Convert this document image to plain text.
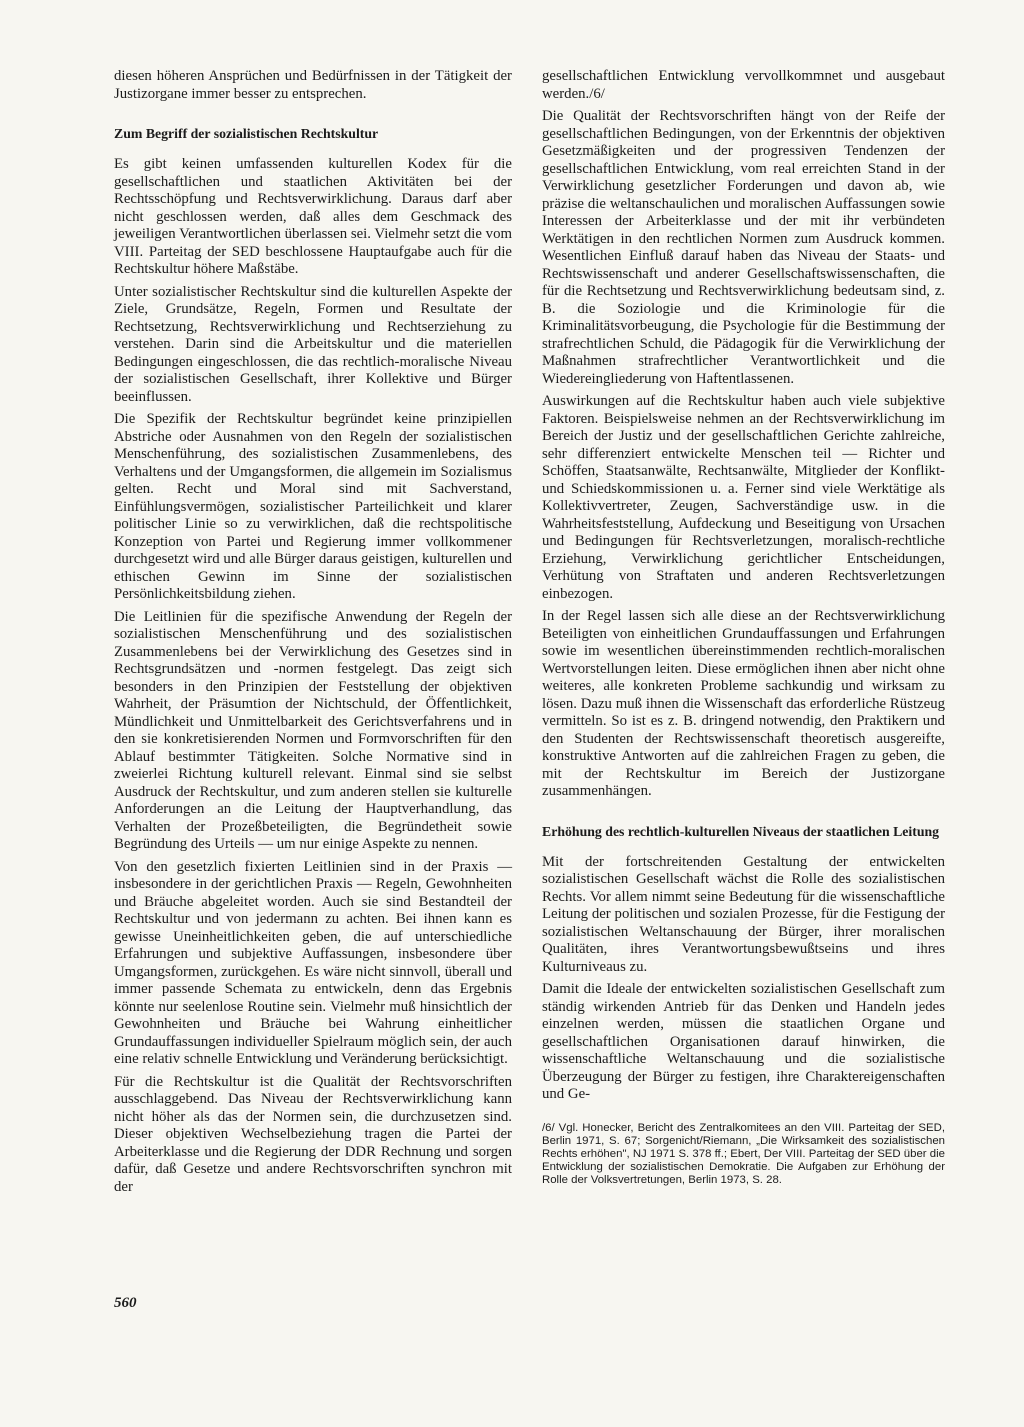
diesen höheren Ansprüchen und Bedürfnissen in der Tätigkeit der Justizorgane immer besser zu entsprechen.

Zum Begriff der sozialistischen Rechtskultur

Es gibt keinen umfassenden kulturellen Kodex für die gesellschaftlichen und staatlichen Aktivitäten bei der Rechtsschöpfung und Rechtsverwirklichung. Daraus darf aber nicht geschlossen werden, daß alles dem Geschmack des jeweiligen Verantwortlichen überlassen sei. Vielmehr setzt die vom VIII. Parteitag der SED beschlossene Hauptaufgabe auch für die Rechtskultur höhere Maßstäbe.

Unter sozialistischer Rechtskultur sind die kulturellen Aspekte der Ziele, Grundsätze, Regeln, Formen und Resultate der Rechtsetzung, Rechtsverwirklichung und Rechtserziehung zu verstehen. Darin sind die Arbeitskultur und die materiellen Bedingungen eingeschlossen, die das rechtlich-moralische Niveau der sozialistischen Gesellschaft, ihrer Kollektive und Bürger beeinflussen.

Die Spezifik der Rechtskultur begründet keine prinzipiellen Abstriche oder Ausnahmen von den Regeln der sozialistischen Menschenführung, des sozialistischen Zusammenlebens, des Verhaltens und der Umgangsformen, die allgemein im Sozialismus gelten. Recht und Moral sind mit Sachverstand, Einfühlungsvermögen, sozialistischer Parteilichkeit und klarer politischer Linie so zu verwirklichen, daß die rechtspolitische Konzeption von Partei und Regierung immer vollkommener durchgesetzt wird und alle Bürger daraus geistigen, kulturellen und ethischen Gewinn im Sinne der sozialistischen Persönlichkeitsbildung ziehen.

Die Leitlinien für die spezifische Anwendung der Regeln der sozialistischen Menschenführung und des sozialistischen Zusammenlebens bei der Verwirklichung des Gesetzes sind in Rechtsgrundsätzen und -normen festgelegt. Das zeigt sich besonders in den Prinzipien der Feststellung der objektiven Wahrheit, der Präsumtion der Nichtschuld, der Öffentlichkeit, Mündlichkeit und Unmittelbarkeit des Gerichtsverfahrens und in den sie konkretisierenden Normen und Formvorschriften für den Ablauf bestimmter Tätigkeiten. Solche Normative sind in zweierlei Richtung kulturell relevant. Einmal sind sie selbst Ausdruck der Rechtskultur, und zum anderen stellen sie kulturelle Anforderungen an die Leitung der Hauptverhandlung, das Verhalten der Prozeßbeteiligten, die Begründetheit sowie Begründung des Urteils — um nur einige Aspekte zu nennen.

Von den gesetzlich fixierten Leitlinien sind in der Praxis — insbesondere in der gerichtlichen Praxis — Regeln, Gewohnheiten und Bräuche abgeleitet worden. Auch sie sind Bestandteil der Rechtskultur und von jedermann zu achten. Bei ihnen kann es gewisse Uneinheitlichkeiten geben, die auf unterschiedliche Erfahrungen und subjektive Auffassungen, insbesondere über Umgangsformen, zurückgehen. Es wäre nicht sinnvoll, überall und immer passende Schemata zu entwickeln, denn das Ergebnis könnte nur seelenlose Routine sein. Vielmehr muß hinsichtlich der Gewohnheiten und Bräuche bei Wahrung einheitlicher Grundauffassungen individueller Spielraum möglich sein, der auch eine relativ schnelle Entwicklung und Veränderung berücksichtigt.

Für die Rechtskultur ist die Qualität der Rechtsvorschriften ausschlaggebend. Das Niveau der Rechtsverwirklichung kann nicht höher als das der Normen sein, die durchzusetzen sind. Dieser objektiven Wechselbeziehung tragen die Partei der Arbeiterklasse und die Regierung der DDR Rechnung und sorgen dafür, daß Gesetze und andere Rechtsvorschriften synchron mit der

gesellschaftlichen Entwicklung vervollkommnet und ausgebaut werden./6/

Die Qualität der Rechtsvorschriften hängt von der Reife der gesellschaftlichen Bedingungen, von der Erkenntnis der objektiven Gesetzmäßigkeiten und der progressiven Tendenzen der gesellschaftlichen Entwicklung, vom real erreichten Stand in der Verwirklichung gesetzlicher Forderungen und davon ab, wie präzise die weltanschaulichen und moralischen Auffassungen sowie Interessen der Arbeiterklasse und der mit ihr verbündeten Werktätigen in den rechtlichen Normen zum Ausdruck kommen. Wesentlichen Einfluß darauf haben das Niveau der Staats- und Rechtswissenschaft und anderer Gesellschaftswissenschaften, die für die Rechtsetzung und Rechtsverwirklichung bedeutsam sind, z. B. die Soziologie und die Kriminologie für die Kriminalitätsvorbeugung, die Psychologie für die Bestimmung der strafrechtlichen Schuld, die Pädagogik für die Verwirklichung der Maßnahmen strafrechtlicher Verantwortlichkeit und die Wiedereingliederung von Haftentlassenen.

Auswirkungen auf die Rechtskultur haben auch viele subjektive Faktoren. Beispielsweise nehmen an der Rechtsverwirklichung im Bereich der Justiz und der gesellschaftlichen Gerichte zahlreiche, sehr differenziert entwickelte Menschen teil — Richter und Schöffen, Staatsanwälte, Rechtsanwälte, Mitglieder der Konflikt- und Schiedskommissionen u. a. Ferner sind viele Werktätige als Kollektivvertreter, Zeugen, Sachverständige usw. in die Wahrheitsfeststellung, Aufdeckung und Beseitigung von Ursachen und Bedingungen für Rechtsverletzungen, moralisch-rechtliche Erziehung, Verwirklichung gerichtlicher Entscheidungen, Verhütung von Straftaten und anderen Rechtsverletzungen einbezogen.

In der Regel lassen sich alle diese an der Rechtsverwirklichung Beteiligten von einheitlichen Grundauffassungen und Erfahrungen sowie im wesentlichen übereinstimmenden rechtlich-moralischen Wertvorstellungen leiten. Diese ermöglichen ihnen aber nicht ohne weiteres, alle konkreten Probleme sachkundig und wirksam zu lösen. Dazu muß ihnen die Wissenschaft das erforderliche Rüstzeug vermitteln. So ist es z. B. dringend notwendig, den Praktikern und den Studenten der Rechtswissenschaft theoretisch ausgereifte, konstruktive Antworten auf die zahlreichen Fragen zu geben, die mit der Rechtskultur im Bereich der Justizorgane zusammenhängen.

Erhöhung des rechtlich-kulturellen Niveaus der staatlichen Leitung

Mit der fortschreitenden Gestaltung der entwickelten sozialistischen Gesellschaft wächst die Rolle des sozialistischen Rechts. Vor allem nimmt seine Bedeutung für die wissenschaftliche Leitung der politischen und sozialen Prozesse, für die Festigung der sozialistischen Weltanschauung der Bürger, ihrer moralischen Qualitäten, ihres Verantwortungsbewußtseins und ihres Kulturniveaus zu.

Damit die Ideale der entwickelten sozialistischen Gesellschaft zum ständig wirkenden Antrieb für das Denken und Handeln jedes einzelnen werden, müssen die staatlichen Organe und gesellschaftlichen Organisationen darauf hinwirken, die wissenschaftliche Weltanschauung und die sozialistische Überzeugung der Bürger zu festigen, ihre Charaktereigenschaften und Ge-

/6/ Vgl. Honecker, Bericht des Zentralkomitees an den VIII. Parteitag der SED, Berlin 1971, S. 67; Sorgenicht/Riemann, „Die Wirksamkeit des sozialistischen Rechts erhöhen", NJ 1971 S. 378 ff.; Ebert, Der VIII. Parteitag der SED über die Entwicklung der sozialistischen Demokratie. Die Aufgaben zur Erhöhung der Rolle der Volksvertretungen, Berlin 1973, S. 28.
560
